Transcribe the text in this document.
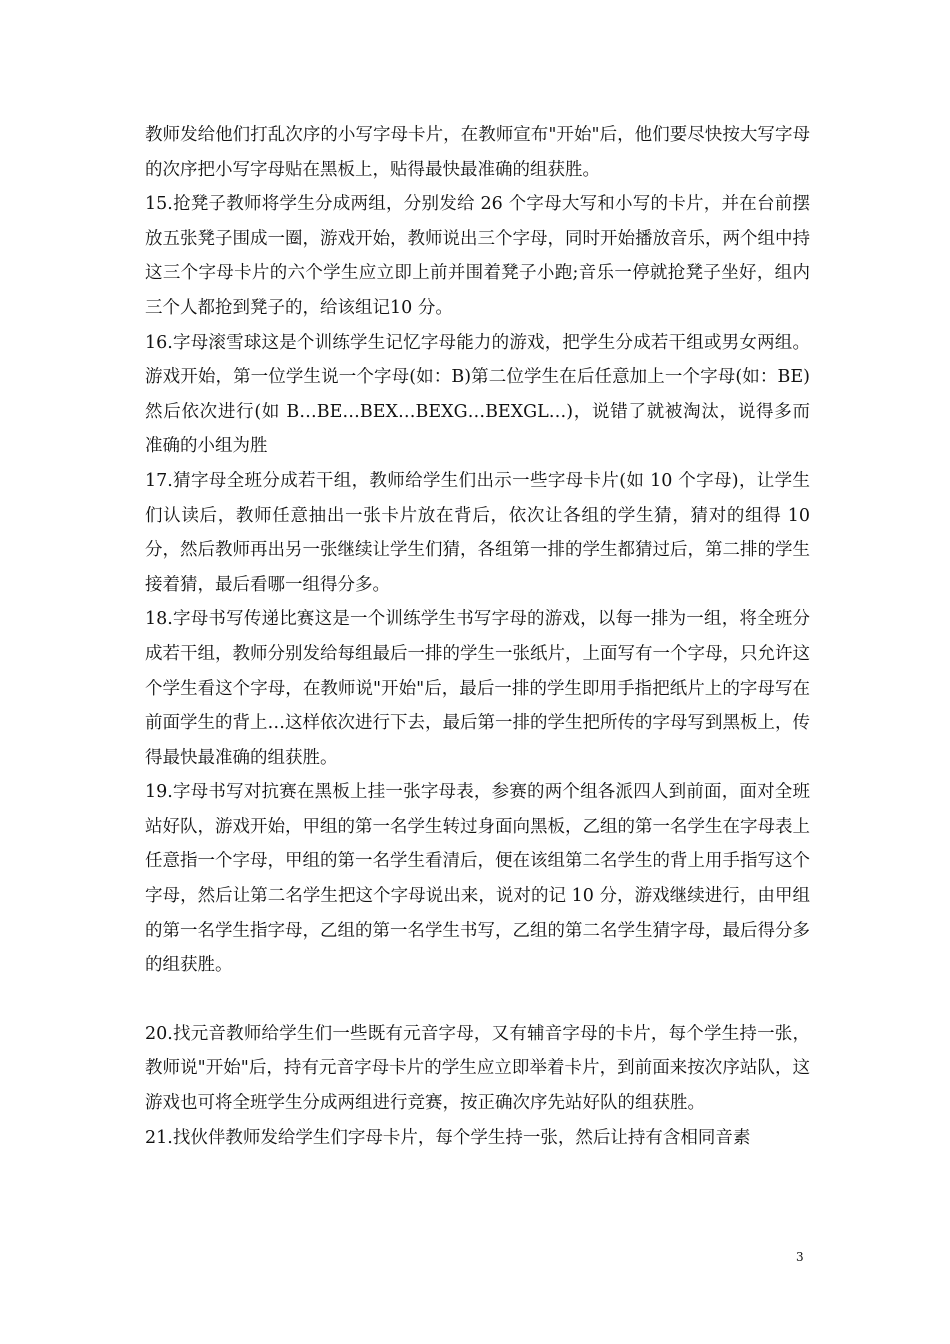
教师发给他们打乱次序的小写字母卡片，在教师宣布"开始"后，他们要尽快按大写字母的次序把小写字母贴在黑板上，贴得最快最准确的组获胜。

15.抢凳子教师将学生分成两组，分别发给 26 个字母大写和小写的卡片，并在台前摆放五张凳子围成一圈，游戏开始，教师说出三个字母，同时开始播放音乐，两个组中持这三个字母卡片的六个学生应立即上前并围着凳子小跑;音乐一停就抢凳子坐好，组内三个人都抢到凳子的，给该组记10 分。

16.字母滚雪球这是个训练学生记忆字母能力的游戏，把学生分成若干组或男女两组。游戏开始，第一位学生说一个字母(如：B)第二位学生在后任意加上一个字母(如：BE)然后依次进行(如 B…BE…BEX…BEXG…BEXGL…)，说错了就被淘汰，说得多而准确的小组为胜

17.猜字母全班分成若干组，教师给学生们出示一些字母卡片(如 10 个字母)，让学生们认读后，教师任意抽出一张卡片放在背后，依次让各组的学生猜，猜对的组得 10 分，然后教师再出另一张继续让学生们猜，各组第一排的学生都猜过后，第二排的学生接着猜，最后看哪一组得分多。

18.字母书写传递比赛这是一个训练学生书写字母的游戏，以每一排为一组，将全班分成若干组，教师分别发给每组最后一排的学生一张纸片，上面写有一个字母，只允许这个学生看这个字母，在教师说"开始"后，最后一排的学生即用手指把纸片上的字母写在前面学生的背上…这样依次进行下去，最后第一排的学生把所传的字母写到黑板上，传得最快最准确的组获胜。

19.字母书写对抗赛在黑板上挂一张字母表，参赛的两个组各派四人到前面，面对全班站好队，游戏开始，甲组的第一名学生转过身面向黑板，乙组的第一名学生在字母表上任意指一个字母，甲组的第一名学生看清后，便在该组第二名学生的背上用手指写这个字母，然后让第二名学生把这个字母说出来，说对的记 10 分，游戏继续进行，由甲组的第一名学生指字母，乙组的第一名学生书写，乙组的第二名学生猜字母，最后得分多的组获胜。

20.找元音教师给学生们一些既有元音字母，又有辅音字母的卡片，每个学生持一张，教师说"开始"后，持有元音字母卡片的学生应立即举着卡片，到前面来按次序站队，这游戏也可将全班学生分成两组进行竞赛，按正确次序先站好队的组获胜。

21.找伙伴教师发给学生们字母卡片，每个学生持一张，然后让持有含相同音素

3
